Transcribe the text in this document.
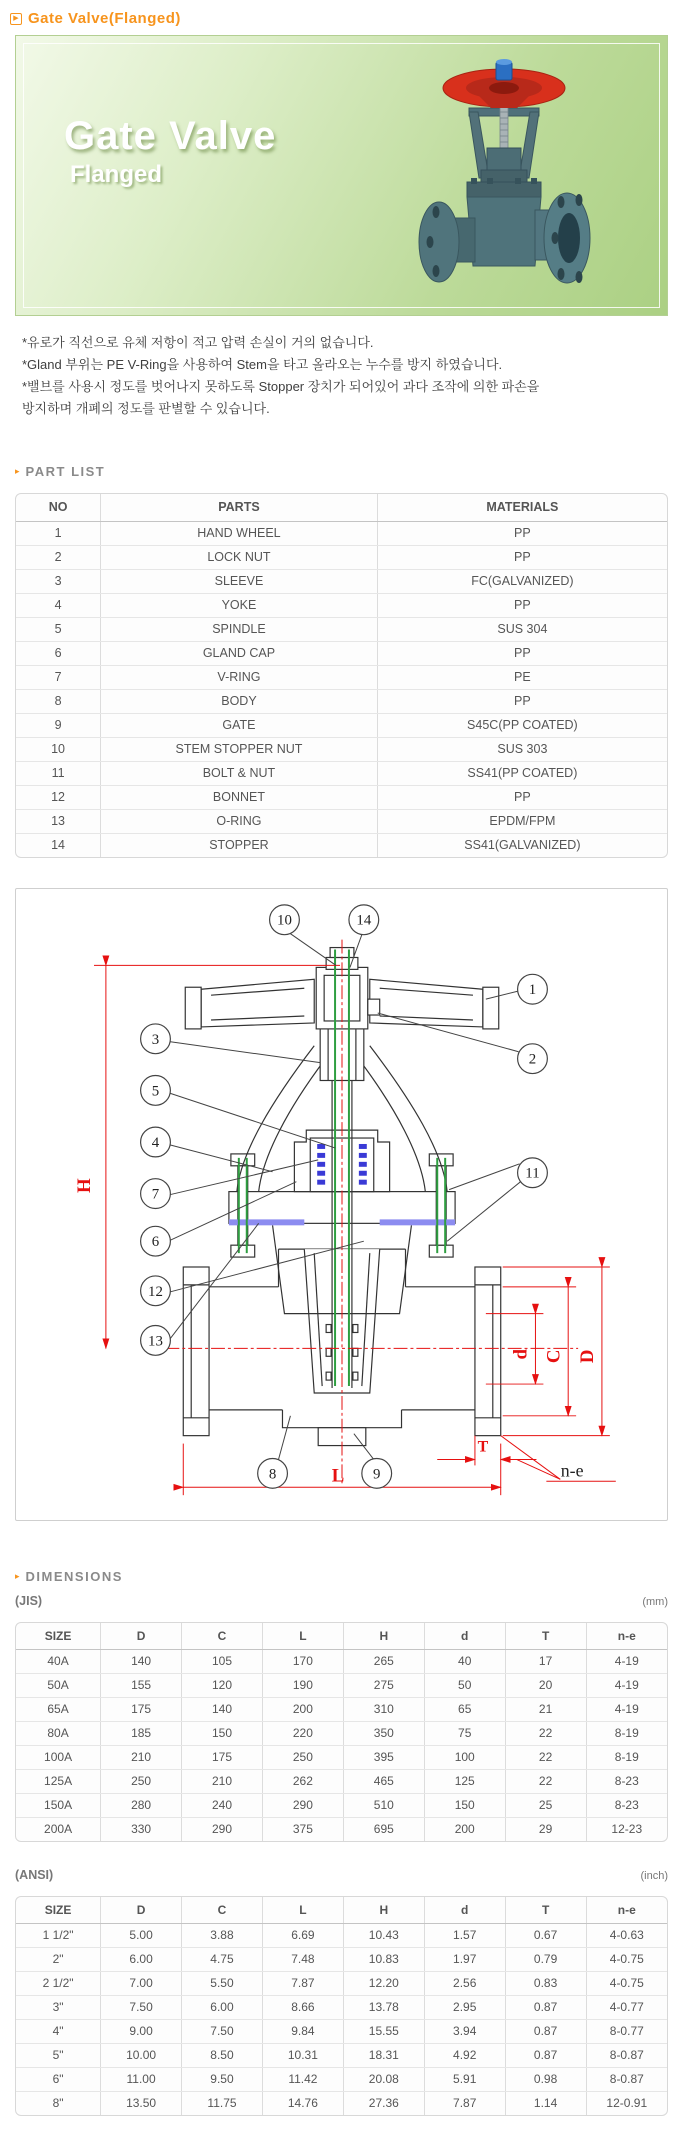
▶ Gate Valve(Flanged)
Gate Valve
Flanged
*유로가 직선으로 유체 저항이 적고 압력 손실이 거의 없습니다.
*Gland 부위는 PE V-Ring을 사용하여 Stem을 타고 올라오는 누수를 방지 하였습니다.
*밸브를 사용시 정도를 벗어나지 못하도록 Stopper 장치가 되어있어 과다 조작에 의한 파손을
방지하며 개폐의 정도를 판별할 수 있습니다.
▸ PART LIST
NO	PARTS	MATERIALS
1	HAND WHEEL	PP
2	LOCK NUT	PP
3	SLEEVE	FC(GALVANIZED)
4	YOKE	PP
5	SPINDLE	SUS 304
6	GLAND CAP	PP
7	V-RING	PE
8	BODY	PP
9	GATE	S45C(PP COATED)
10	STEM STOPPER NUT	SUS 303
11	BOLT & NUT	SS41(PP COATED)
12	BONNET	PP
13	O-RING	EPDM/FPM
14	STOPPER	SS41(GALVANIZED)
H
d C D
L
T
n-e
10	14
1
2
11
3
5
4
7
6
12
13
8	9
▸ DIMENSIONS
(JIS)	(mm)
SIZE	D	C	L	H	d	T	n-e
40A	140	105	170	265	40	17	4-19
50A	155	120	190	275	50	20	4-19
65A	175	140	200	310	65	21	4-19
80A	185	150	220	350	75	22	8-19
100A	210	175	250	395	100	22	8-19
125A	250	210	262	465	125	22	8-23
150A	280	240	290	510	150	25	8-23
200A	330	290	375	695	200	29	12-23
(ANSI)	(inch)
SIZE	D	C	L	H	d	T	n-e
1 1/2"	5.00	3.88	6.69	10.43	1.57	0.67	4-0.63
2"	6.00	4.75	7.48	10.83	1.97	0.79	4-0.75
2 1/2"	7.00	5.50	7.87	12.20	2.56	0.83	4-0.75
3"	7.50	6.00	8.66	13.78	2.95	0.87	4-0.77
4"	9.00	7.50	9.84	15.55	3.94	0.87	8-0.77
5"	10.00	8.50	10.31	18.31	4.92	0.87	8-0.87
6"	11.00	9.50	11.42	20.08	5.91	0.98	8-0.87
8"	13.50	11.75	14.76	27.36	7.87	1.14	12-0.91
